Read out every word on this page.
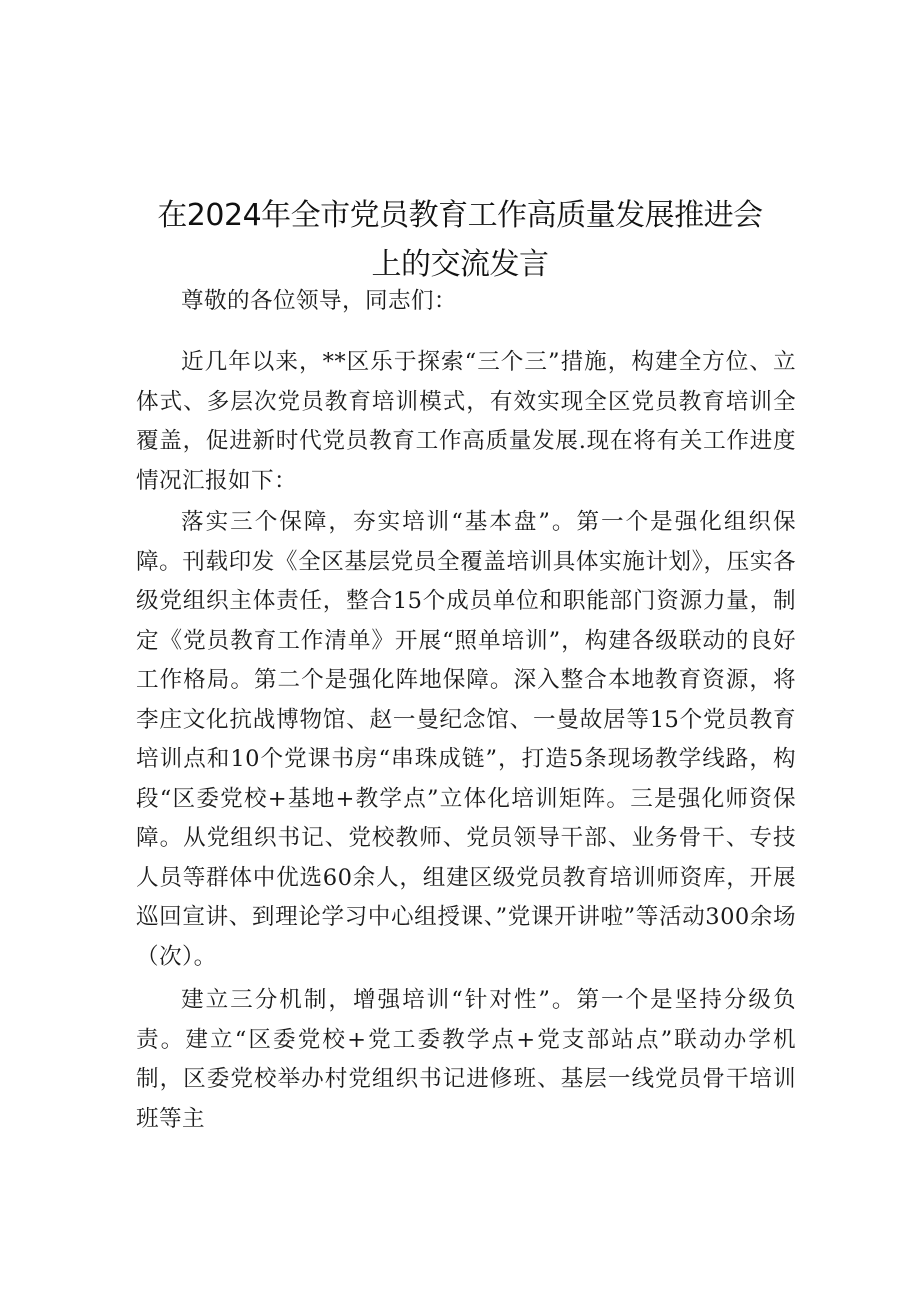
在2024年全市党员教育工作高质量发展推进会
上的交流发言

尊敬的各位领导，同志们：

近几年以来，**区乐于探索“三个三”措施，构建全方位、立体式、多层次党员教育培训模式，有效实现全区党员教育培训全覆盖，促进新时代党员教育工作高质量发展.现在将有关工作进度情况汇报如下：

落实三个保障，夯实培训“基本盘”。第一个是强化组织保障。刊载印发《全区基层党员全覆盖培训具体实施计划》，压实各级党组织主体责任，整合15个成员单位和职能部门资源力量，制定《党员教育工作清单》开展“照单培训”，构建各级联动的良好工作格局。第二个是强化阵地保障。深入整合本地教育资源，将李庄文化抗战博物馆、赵一曼纪念馆、一曼故居等15个党员教育培训点和10个党课书房“串珠成链”，打造5条现场教学线路，构段“区委党校+基地+教学点”立体化培训矩阵。三是强化师资保障。从党组织书记、党校教师、党员领导干部、业务骨干、专技人员等群体中优选60余人，组建区级党员教育培训师资库，开展巡回宣讲、到理论学习中心组授课、”党课开讲啦”等活动300余场（次）。

建立三分机制，增强培训“针对性”。第一个是坚持分级负责。建立“区委党校+党工委教学点+党支部站点”联动办学机制，区委党校举办村党组织书记进修班、基层一线党员骨干培训班等主
